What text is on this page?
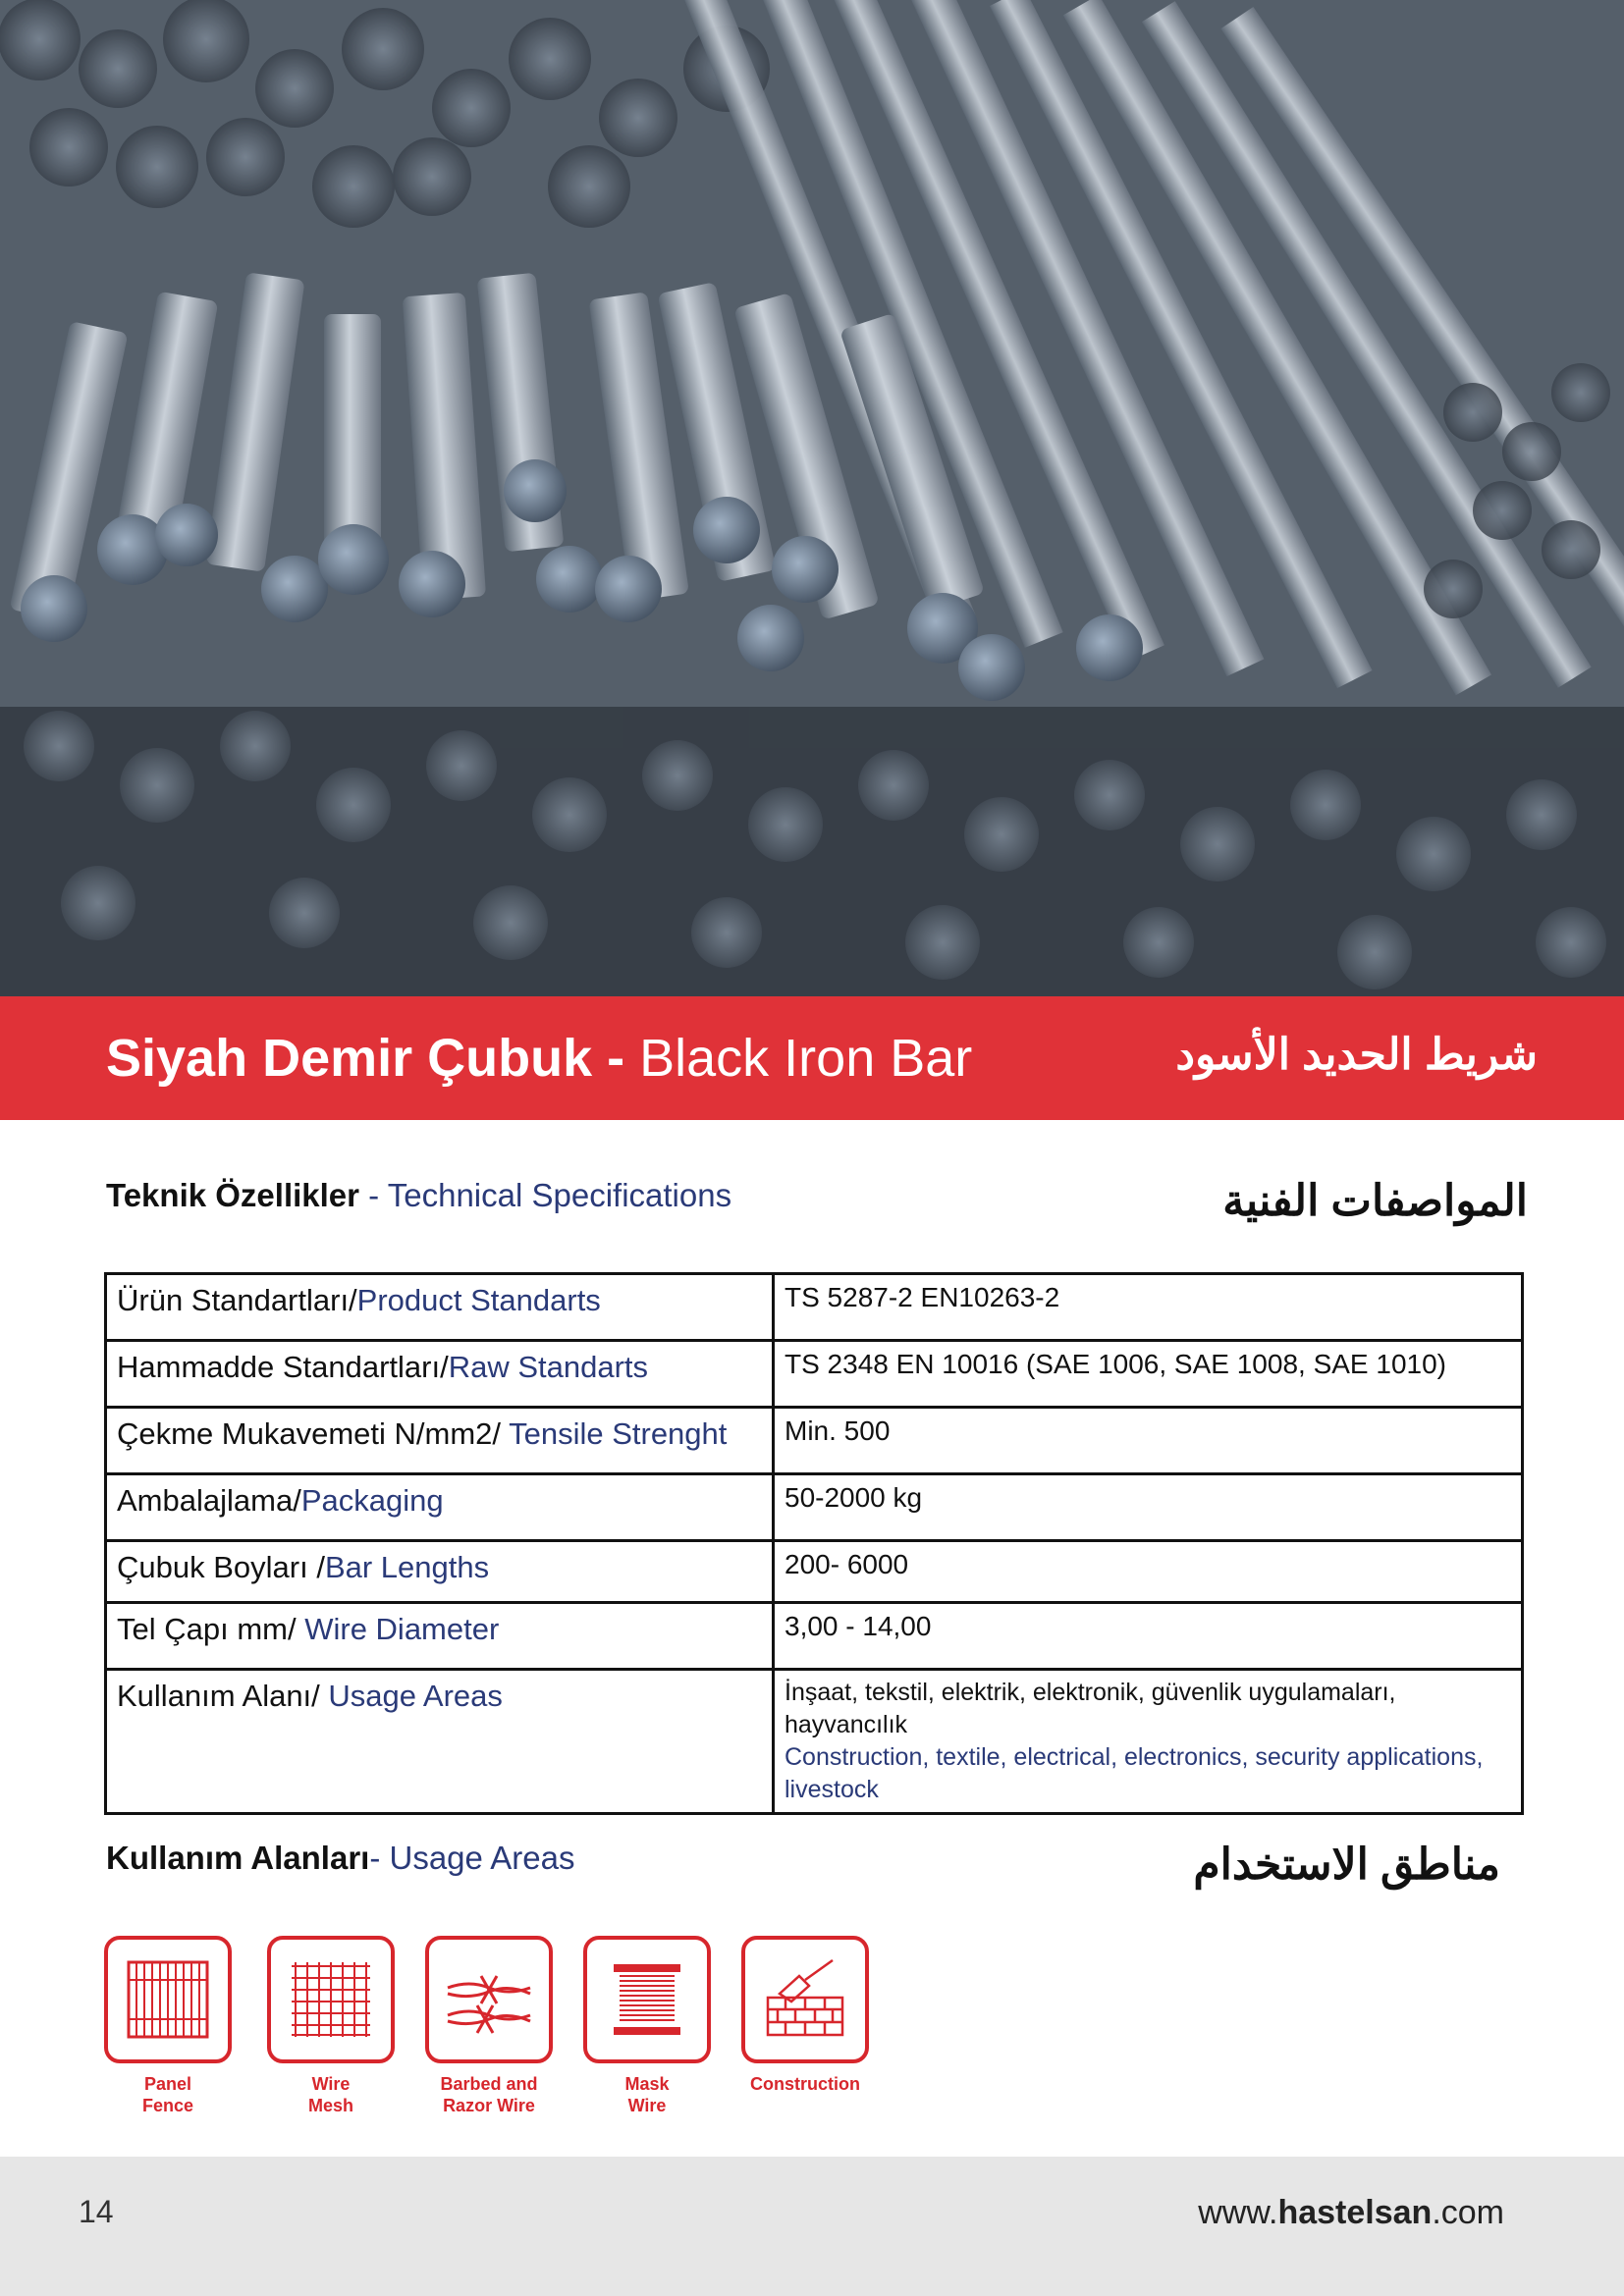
Siyah Demir Çubuk - Black Iron Bar	شريط الحديد الأسود
Teknik Özellikler - Technical Specifications	المواصفات الفنية
Ürün Standartları/Product Standarts	TS 5287-2 EN10263-2
Hammadde Standartları/Raw Standarts	TS 2348 EN 10016 (SAE 1006, SAE 1008, SAE 1010)
Çekme Mukavemeti N/mm2/ Tensile Strenght	Min. 500
Ambalajlama/Packaging	50-2000 kg
Çubuk Boyları /Bar Lengths	200- 6000
Tel Çapı mm/ Wire Diameter	3,00 - 14,00
Kullanım Alanı/ Usage Areas	İnşaat, tekstil, elektrik, elektronik, güvenlik uygulamaları, hayvancılık
Construction, textile, electrical, electronics, security applications, livestock
Kullanım Alanları- Usage Areas	مناطق الاستخدام
Panel
Fence
Wire
Mesh
Barbed and
Razor Wire
Mask
Wire
Construction
14	www.hastelsan.com
